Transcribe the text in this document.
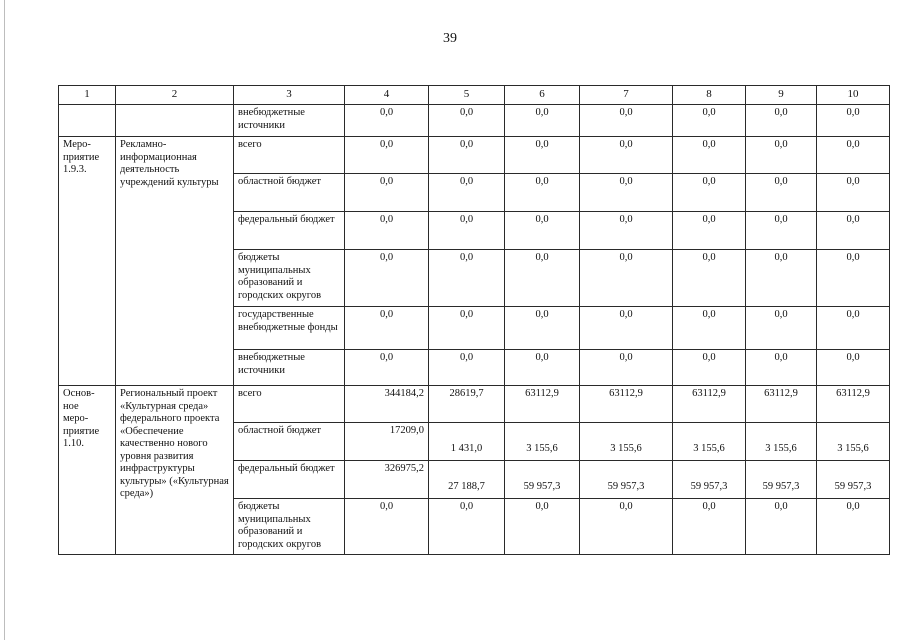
39
1	2	3	4	5	6	7	8	9	10
		внебюджетные источники	0,0	0,0	0,0	0,0	0,0	0,0	0,0

Меро-
приятие
1.9.3.	Рекламно-информационная деятельность учреждений культуры	всего	0,0	0,0	0,0	0,0	0,0	0,0	0,0
		областной бюджет	0,0	0,0	0,0	0,0	0,0	0,0	0,0
		федеральный бюджет	0,0	0,0	0,0	0,0	0,0	0,0	0,0
		бюджеты муниципальных образований и городских округов	0,0	0,0	0,0	0,0	0,0	0,0	0,0
		государственные внебюджетные фонды	0,0	0,0	0,0	0,0	0,0	0,0	0,0
		внебюджетные источники	0,0	0,0	0,0	0,0	0,0	0,0	0,0

Основ-
ное
меро-
приятие
1.10.	Региональный проект «Культурная среда» федерального проекта «Обеспечение качественно нового уровня развития инфраструктуры культуры» («Культурная среда»)	всего	344184,2	28619,7	63112,9	63112,9	63112,9	63112,9	63112,9
		областной бюджет	17209,0	1 431,0	3 155,6	3 155,6	3 155,6	3 155,6	3 155,6
		федеральный бюджет	326975,2	27 188,7	59 957,3	59 957,3	59 957,3	59 957,3	59 957,3
		бюджеты муниципальных образований и городских округов	0,0	0,0	0,0	0,0	0,0	0,0	0,0
